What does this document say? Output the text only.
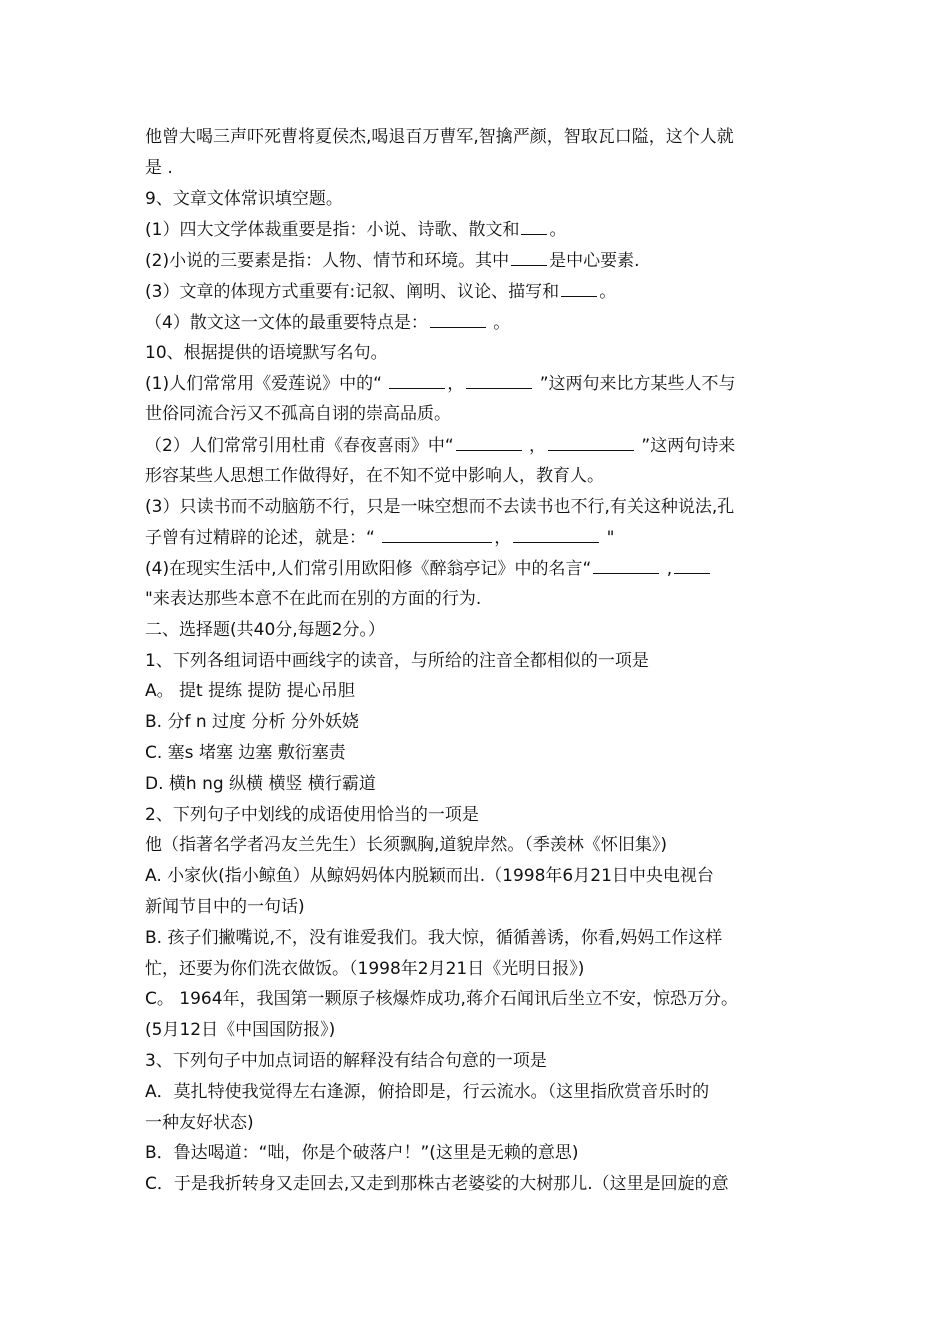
他曾大喝三声吓死曹将夏侯杰,喝退百万曹军,智擒严颜，智取瓦口隘，这个人就
是 .
9、文章文体常识填空题。
(1）四大文学体裁重要是指：小说、诗歌、散文和 。
(2)小说的三要素是指：人物、情节和环境。其中 是中心要素.
(3）文章的体现方式重要有:记叙、阐明、议论、描写和 。
（4）散文这一文体的最重要特点是：	。
10、根据提供的语境默写名句。
(1)人们常常用《爱莲说》中的“	，	”这两句来比方某些人不与
世俗同流合污又不孤高自诩的崇高品质。
（2）人们常常引用杜甫《春夜喜雨》中“	，	”这两句诗来
形容某些人思想工作做得好，在不知不觉中影响人，教育人。
(3）只读书而不动脑筋不行，只是一味空想而不去读书也不行,有关这种说法,孔
子曾有过精辟的论述，就是：“	，	"
(4)在现实生活中,人们常引用欧阳修《醉翁亭记》中的名言“	,
"来表达那些本意不在此而在别的方面的行为.
二、选择题(共40分,每题2分。）
1、下列各组词语中画线字的读音，与所给的注音全都相似的一项是
A。 提t 提练 提防 提心吊胆
B. 分f n 过度 分析 分外妖娆
C. 塞s 堵塞 边塞 敷衍塞责
D. 横h ng 纵横 横竖 横行霸道
2、下列句子中划线的成语使用恰当的一项是
他（指著名学者冯友兰先生）长须飘胸,道貌岸然。（季羡林《怀旧集》)
A. 小家伙(指小鲸鱼）从鲸妈妈体内脱颖而出.（1998年6月21日中央电视台
新闻节目中的一句话)
B. 孩子们撇嘴说,不，没有谁爱我们。我大惊，循循善诱，你看,妈妈工作这样
忙，还要为你们洗衣做饭。（1998年2月21日《光明日报》)
C。 1964年，我国第一颗原子核爆炸成功,蒋介石闻讯后坐立不安，惊恐万分。
(5月12日《中国国防报》)
3、下列句子中加点词语的解释没有结合句意的一项是
A．莫扎特使我觉得左右逢源，俯拾即是，行云流水。（这里指欣赏音乐时的
一种友好状态)
B．鲁达喝道：“咄，你是个破落户！”(这里是无赖的意思)
C．于是我折转身又走回去,又走到那株古老婆娑的大树那儿.（这里是回旋的意
